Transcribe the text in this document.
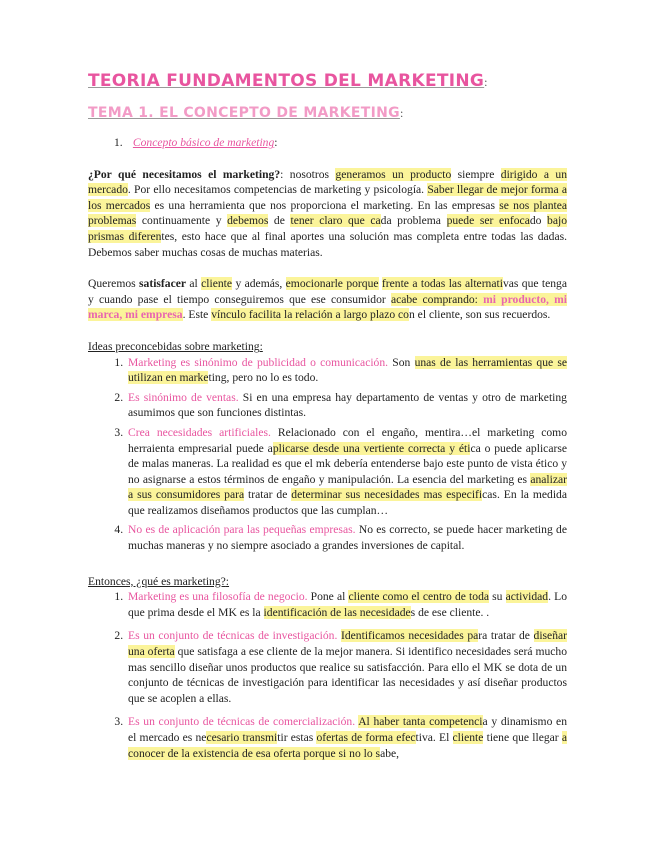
TEORIA FUNDAMENTOS DEL MARKETING:
TEMA 1. EL CONCEPTO DE MARKETING:
1. Concepto básico de marketing:

¿Por qué necesitamos el marketing?: nosotros generamos un producto siempre dirigido a un mercado. Por ello necesitamos competencias de marketing y psicología. Saber llegar de mejor forma a los mercados es una herramienta que nos proporciona el marketing. En las empresas se nos plantea problemas continuamente y debemos de tener claro que cada problema puede ser enfocado bajo prismas diferentes, esto hace que al final aportes una solución mas completa entre todas las dadas. Debemos saber muchas cosas de muchas materias.

Queremos satisfacer al cliente y además, emocionarle porque frente a todas las alternativas que tenga y cuando pase el tiempo conseguiremos que ese consumidor acabe comprando: mi producto, mi marca, mi empresa. Este vínculo facilita la relación a largo plazo con el cliente, son sus recuerdos.

Ideas preconcebidas sobre marketing:
1. Marketing es sinónimo de publicidad o comunicación. Son unas de las herramientas que se utilizan en marketing, pero no lo es todo.
2. Es sinónimo de ventas. Si en una empresa hay departamento de ventas y otro de marketing asumimos que son funciones distintas.
3. Crea necesidades artificiales. Relacionado con el engaño, mentira…el marketing como herraienta empresarial puede aplicarse desde una vertiente correcta y ética o puede aplicarse de malas maneras. La realidad es que el mk debería entenderse bajo este punto de vista ético y no asignarse a estos términos de engaño y manipulación. La esencia del marketing es analizar a sus consumidores para tratar de determinar sus necesidades mas especificas. En la medida que realizamos diseñamos productos que las cumplan…
4. No es de aplicación para las pequeñas empresas. No es correcto, se puede hacer marketing de muchas maneras y no siempre asociado a grandes inversiones de capital.
Entonces, ¿qué es marketing?:
1. Marketing es una filosofía de negocio. Pone al cliente como el centro de toda su actividad. Lo que prima desde el MK es la identificación de las necesidades de ese cliente. .
2. Es un conjunto de técnicas de investigación. Identificamos necesidades para tratar de diseñar una oferta que satisfaga a ese cliente de la mejor manera. Si identifico necesidades será mucho mas sencillo diseñar unos productos que realice su satisfacción. Para ello el MK se dota de un conjunto de técnicas de investigación para identificar las necesidades y así diseñar productos que se acoplen a ellas.
3. Es un conjunto de técnicas de comercialización. Al haber tanta competencia y dinamismo en el mercado es necesario transmitir estas ofertas de forma efectiva. El cliente tiene que llegar a conocer de la existencia de esa oferta porque si no lo sabe,
